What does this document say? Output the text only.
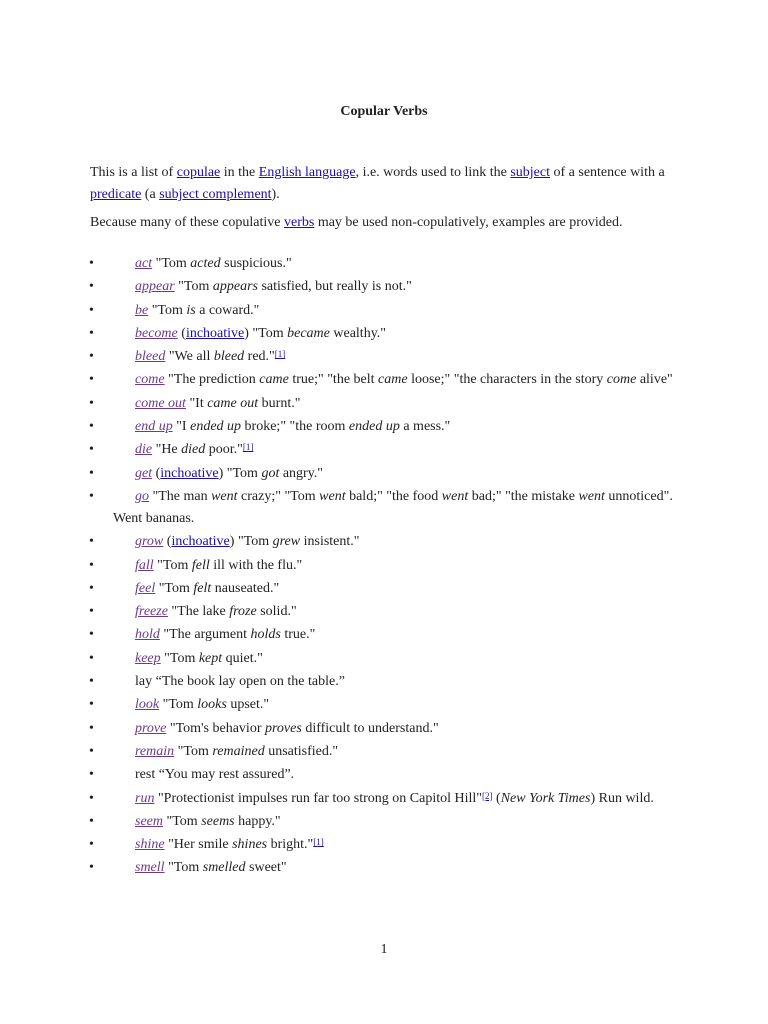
Copular Verbs
This is a list of copulae in the English language, i.e. words used to link the subject of a sentence with a predicate (a subject complement).
Because many of these copulative verbs may be used non-copulatively, examples are provided.
•	act "Tom acted suspicious."
•	appear "Tom appears satisfied, but really is not."
•	be "Tom is a coward."
•	become (inchoative) "Tom became wealthy."
•	bleed "We all bleed red."[1]
•	come "The prediction came true;" "the belt came loose;" "the characters in the story come alive"
•	come out "It came out burnt."
•	end up "I ended up broke;" "the room ended up a mess."
•	die "He died poor."[1]
•	get (inchoative) "Tom got angry."
•	go "The man went crazy;" "Tom went bald;" "the food went bad;" "the mistake went unnoticed". Went bananas.
•	grow (inchoative) "Tom grew insistent."
•	fall "Tom fell ill with the flu."
•	feel "Tom felt nauseated."
•	freeze "The lake froze solid."
•	hold "The argument holds true."
•	keep "Tom kept quiet."
•	lay “The book lay open on the table.”
•	look "Tom looks upset."
•	prove "Tom's behavior proves difficult to understand."
•	remain "Tom remained unsatisfied."
•	rest “You may rest assured”.
•	run "Protectionist impulses run far too strong on Capitol Hill"[2] (New York Times) Run wild.
•	seem "Tom seems happy."
•	shine "Her smile shines bright."[1]
•	smell "Tom smelled sweet"
1
